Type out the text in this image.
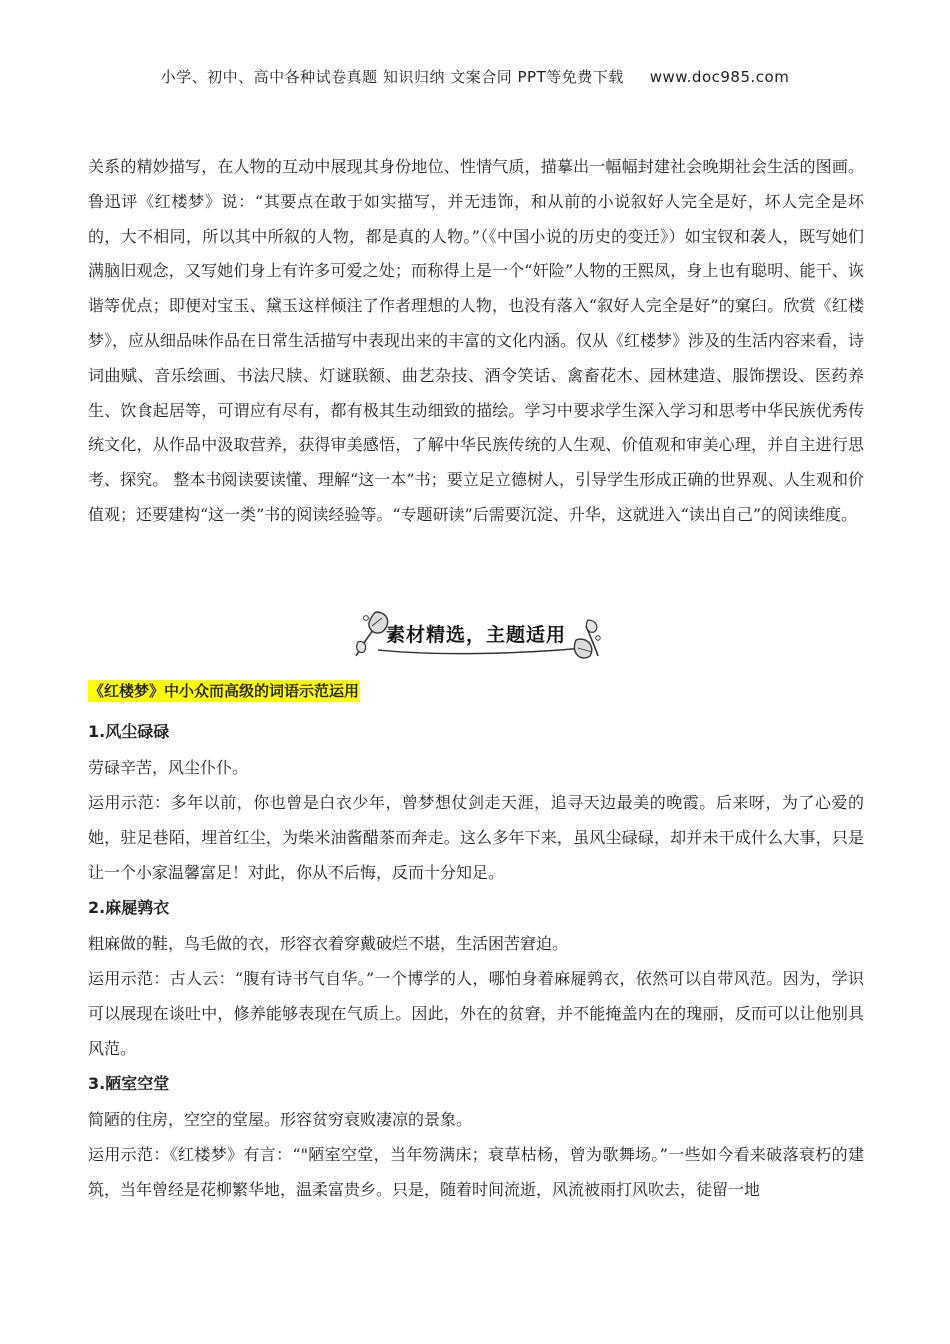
小学、初中、高中各种试卷真题 知识归纳 文案合同 PPT等免费下载 www.doc985.com

关系的精妙描写，在人物的互动中展现其身份地位、性情气质，描摹出一幅幅封建社会晚期社会生活的图画。鲁迅评《红楼梦》说：“其要点在敢于如实描写，并无违饰，和从前的小说叙好人完全是好，坏人完全是坏的，大不相同，所以其中所叙的人物，都是真的人物。”（《中国小说的历史的变迁》）如宝钗和袭人，既写她们满脑旧观念，又写她们身上有许多可爱之处；而称得上是一个“奸险”人物的王熙凤，身上也有聪明、能干、诙谐等优点；即便对宝玉、黛玉这样倾注了作者理想的人物，也没有落入“叙好人完全是好”的窠臼。欣赏《红楼梦》，应从细品味作品在日常生活描写中表现出来的丰富的文化内涵。仅从《红楼梦》涉及的生活内容来看，诗词曲赋、音乐绘画、书法尺牍、灯谜联额、曲艺杂技、酒令笑话、禽畜花木、园林建造、服饰摆设、医药养生、饮食起居等，可谓应有尽有，都有极其生动细致的描绘。学习中要求学生深入学习和思考中华民族优秀传统文化，从作品中汲取营养，获得审美感悟，了解中华民族传统的人生观、价值观和审美心理，并自主进行思考、探究。 整本书阅读要读懂、理解“这一本”书；要立足立德树人，引导学生形成正确的世界观、人生观和价值观；还要建构“这一类”书的阅读经验等。“专题研读”后需要沉淀、升华，这就进入“读出自己”的阅读维度。

素材精选，主题适用
《红楼梦》中小众而高级的词语示范运用

1.风尘碌碌

劳碌辛苦，风尘仆仆。

运用示范：多年以前，你也曾是白衣少年，曾梦想仗剑走天涯，追寻天边最美的晚霞。后来呀，为了心爱的她，驻足巷陌，埋首红尘，为柴米油酱醋茶而奔走。这么多年下来，虽风尘碌碌，却并未干成什么大事，只是让一个小家温馨富足！对此，你从不后悔，反而十分知足。

2.麻屣鹑衣

粗麻做的鞋，鸟毛做的衣，形容衣着穿戴破烂不堪，生活困苦窘迫。

运用示范：古人云：“腹有诗书气自华。”一个博学的人，哪怕身着麻屣鹑衣，依然可以自带风范。因为，学识可以展现在谈吐中，修养能够表现在气质上。因此，外在的贫窘，并不能掩盖内在的瑰丽，反而可以让他别具风范。

3.陋室空堂

简陋的住房，空空的堂屋。形容贫穷衰败凄凉的景象。

运用示范：《红楼梦》有言：“"陋室空堂，当年笏满床；衰草枯杨，曾为歌舞场。”一些如今看来破落衰朽的建筑，当年曾经是花柳繁华地，温柔富贵乡。只是，随着时间流逝，风流被雨打风吹去，徒留一地
